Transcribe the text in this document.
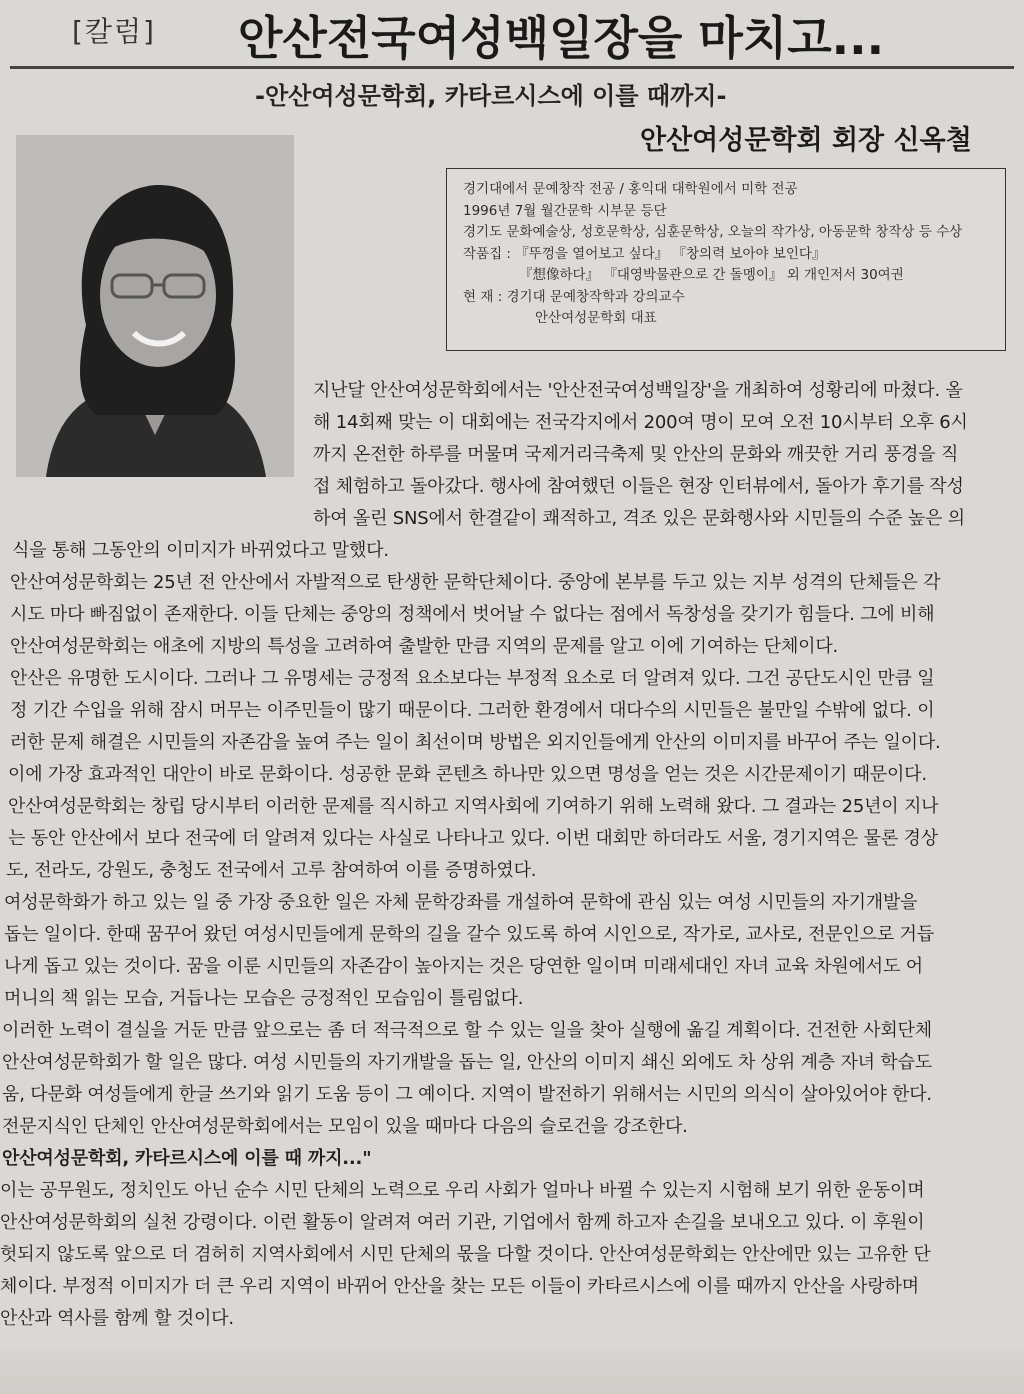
[칼럼] 안산전국여성백일장을 마치고...
-안산여성문학회, 카타르시스에 이를 때까지-
안산여성문학회 회장 신옥철
경기대에서 문예창작 전공 / 홍익대 대학원에서 미학 전공
1996년 7월 월간문학 시부문 등단
경기도 문화예술상, 성호문학상, 심훈문학상, 오늘의 작가상, 아동문학 창작상 등 수상
작품집 : 『뚜껑을 열어보고 싶다』 『창의력 보아야 보인다』
『想像하다』 『대영박물관으로 간 돌멩이』 외 개인저서 30여권
현 재 : 경기대 문예창작학과 강의교수
안산여성문학회 대표
지난달 안산여성문학회에서는 '안산전국여성백일장'을 개최하여 성황리에 마쳤다. 올
해 14회째 맞는 이 대회에는 전국각지에서 200여 명이 모여 오전 10시부터 오후 6시
까지 온전한 하루를 머물며 국제거리극축제 및 안산의 문화와 깨끗한 거리 풍경을 직
접 체험하고 돌아갔다. 행사에 참여했던 이들은 현장 인터뷰에서, 돌아가 후기를 작성
하여 올린 SNS에서 한결같이 쾌적하고, 격조 있은 문화행사와 시민들의 수준 높은 의
식을 통해 그동안의 이미지가 바뀌었다고 말했다.
안산여성문학회는 25년 전 안산에서 자발적으로 탄생한 문학단체이다. 중앙에 본부를 두고 있는 지부 성격의 단체들은 각
시도 마다 빠짐없이 존재한다. 이들 단체는 중앙의 정책에서 벗어날 수 없다는 점에서 독창성을 갖기가 힘들다. 그에 비해
안산여성문학회는 애초에 지방의 특성을 고려하여 출발한 만큼 지역의 문제를 알고 이에 기여하는 단체이다.
안산은 유명한 도시이다. 그러나 그 유명세는 긍정적 요소보다는 부정적 요소로 더 알려져 있다. 그건 공단도시인 만큼 일
정 기간 수입을 위해 잠시 머무는 이주민들이 많기 때문이다. 그러한 환경에서 대다수의 시민들은 불만일 수밖에 없다. 이
러한 문제 해결은 시민들의 자존감을 높여 주는 일이 최선이며 방법은 외지인들에게 안산의 이미지를 바꾸어 주는 일이다.
이에 가장 효과적인 대안이 바로 문화이다. 성공한 문화 콘텐츠 하나만 있으면 명성을 얻는 것은 시간문제이기 때문이다.
안산여성문학회는 창립 당시부터 이러한 문제를 직시하고 지역사회에 기여하기 위해 노력해 왔다. 그 결과는 25년이 지나
는 동안 안산에서 보다 전국에 더 알려져 있다는 사실로 나타나고 있다. 이번 대회만 하더라도 서울, 경기지역은 물론 경상
도, 전라도, 강원도, 충청도 전국에서 고루 참여하여 이를 증명하였다.
여성문학화가 하고 있는 일 중 가장 중요한 일은 자체 문학강좌를 개설하여 문학에 관심 있는 여성 시민들의 자기개발을
돕는 일이다. 한때 꿈꾸어 왔던 여성시민들에게 문학의 길을 갈수 있도록 하여 시인으로, 작가로, 교사로, 전문인으로 거듭
나게 돕고 있는 것이다. 꿈을 이룬 시민들의 자존감이 높아지는 것은 당연한 일이며 미래세대인 자녀 교육 차원에서도 어
머니의 책 읽는 모습, 거듭나는 모습은 긍정적인 모습임이 틀림없다.
이러한 노력이 결실을 거둔 만큼 앞으로는 좀 더 적극적으로 할 수 있는 일을 찾아 실행에 옮길 계획이다. 건전한 사회단체
안산여성문학회가 할 일은 많다. 여성 시민들의 자기개발을 돕는 일, 안산의 이미지 쇄신 외에도 차 상위 계층 자녀 학습도
움, 다문화 여성들에게 한글 쓰기와 읽기 도움 등이 그 예이다. 지역이 발전하기 위해서는 시민의 의식이 살아있어야 한다.
전문지식인 단체인 안산여성문학회에서는 모임이 있을 때마다 다음의 슬로건을 강조한다.
안산여성문학회, 카타르시스에 이를 때 까지..."
이는 공무원도, 정치인도 아닌 순수 시민 단체의 노력으로 우리 사회가 얼마나 바뀔 수 있는지 시험해 보기 위한 운동이며
안산여성문학회의 실천 강령이다. 이런 활동이 알려져 여러 기관, 기업에서 함께 하고자 손길을 보내오고 있다. 이 후원이
헛되지 않도록 앞으로 더 겸허히 지역사회에서 시민 단체의 몫을 다할 것이다. 안산여성문학회는 안산에만 있는 고유한 단
체이다. 부정적 이미지가 더 큰 우리 지역이 바뀌어 안산을 찾는 모든 이들이 카타르시스에 이를 때까지 안산을 사랑하며
안산과 역사를 함께 할 것이다.
